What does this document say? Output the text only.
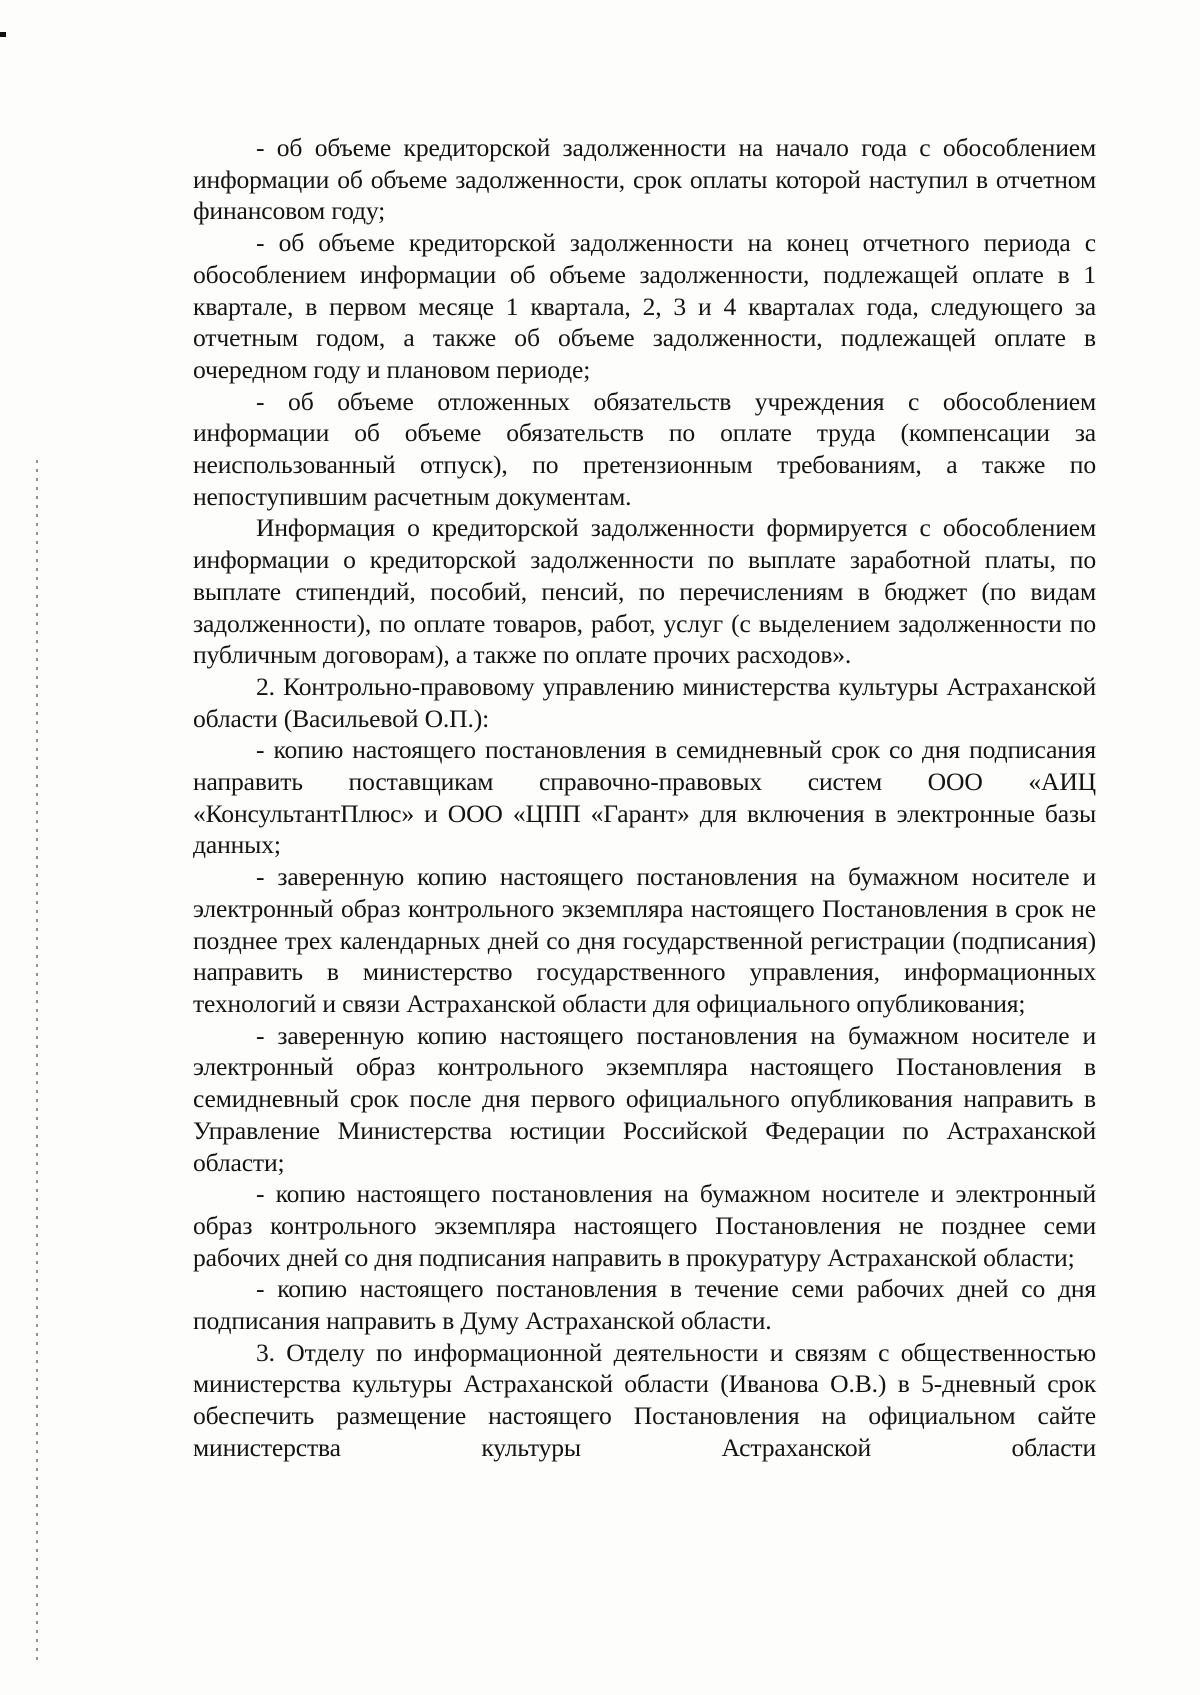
- об объеме кредиторской задолженности на начало года с обособлением информации об объеме задолженности, срок оплаты которой наступил в отчетном финансовом году;

- об объеме кредиторской задолженности на конец отчетного периода с обособлением информации об объеме задолженности, подлежащей оплате в 1 квартале, в первом месяце 1 квартала, 2, 3 и 4 кварталах года, следующего за отчетным годом, а также об объеме задолженности, подлежащей оплате в очередном году и плановом периоде;

- об объеме отложенных обязательств учреждения с обособлением информации об объеме обязательств по оплате труда (компенсации за неиспользованный отпуск), по претензионным требованиям, а также по непоступившим расчетным документам.

Информация о кредиторской задолженности формируется с обособлением информации о кредиторской задолженности по выплате заработной платы, по выплате стипендий, пособий, пенсий, по перечислениям в бюджет (по видам задолженности), по оплате товаров, работ, услуг (с выделением задолженности по публичным договорам), а также по оплате прочих расходов».

2. Контрольно-правовому управлению министерства культуры Астраханской области (Васильевой О.П.):

- копию настоящего постановления в семидневный срок со дня подписания направить поставщикам справочно-правовых систем ООО «АИЦ «КонсультантПлюс» и ООО «ЦПП «Гарант» для включения в электронные базы данных;

- заверенную копию настоящего постановления на бумажном носителе и электронный образ контрольного экземпляра настоящего Постановления в срок не позднее трех календарных дней со дня государственной регистрации (подписания) направить в министерство государственного управления, информационных технологий и связи Астраханской области для официального опубликования;

- заверенную копию настоящего постановления на бумажном носителе и электронный образ контрольного экземпляра настоящего Постановления в семидневный срок после дня первого официального опубликования направить в Управление Министерства юстиции Российской Федерации по Астраханской области;

- копию настоящего постановления на бумажном носителе и электронный образ контрольного экземпляра настоящего Постановления не позднее семи рабочих дней со дня подписания направить в прокуратуру Астраханской области;

- копию настоящего постановления в течение семи рабочих дней со дня подписания направить в Думу Астраханской области.

3. Отделу по информационной деятельности и связям с общественностью министерства культуры Астраханской области (Иванова О.В.) в 5-дневный срок обеспечить размещение настоящего Постановления на официальном сайте министерства культуры Астраханской области
